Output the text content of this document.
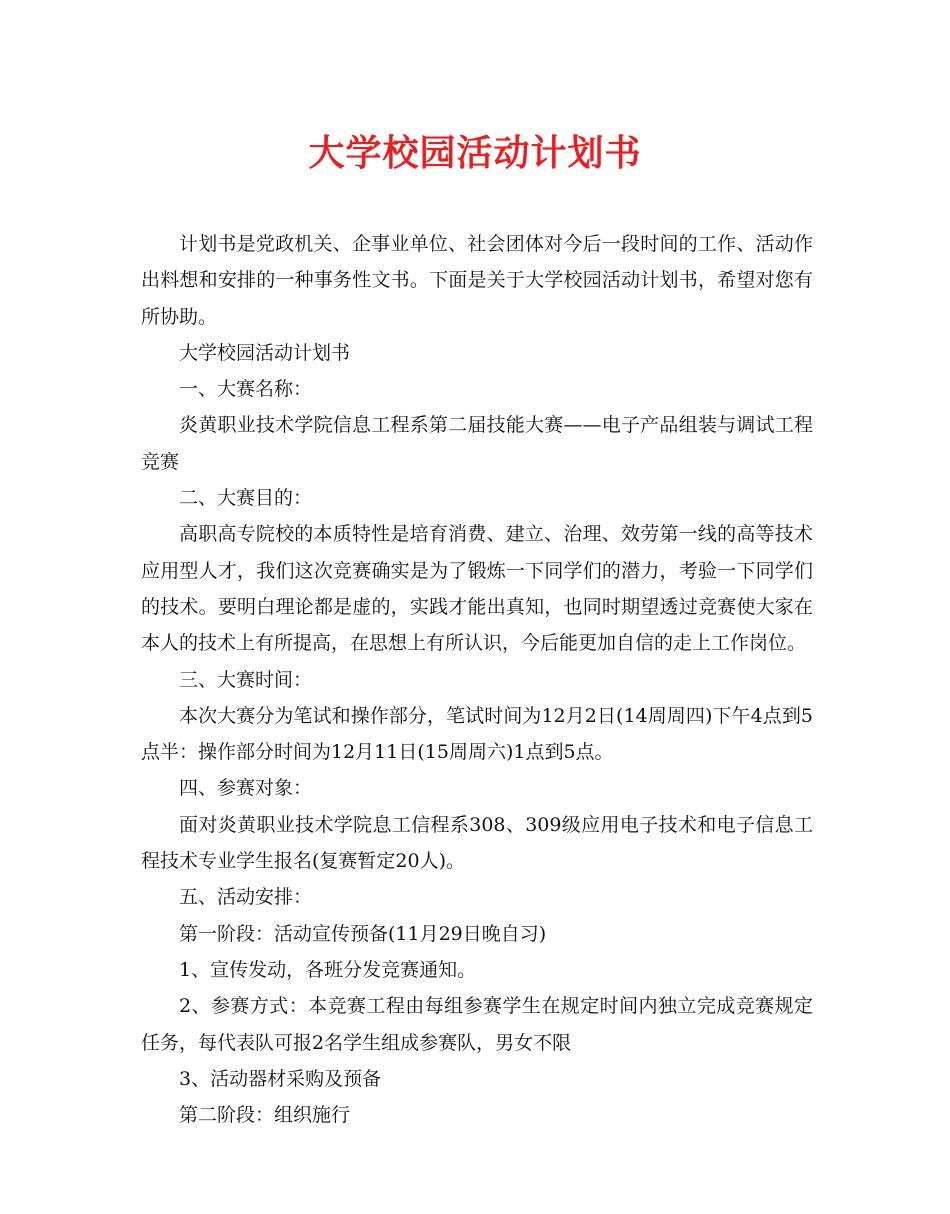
大学校园活动计划书

计划书是党政机关、企事业单位、社会团体对今后一段时间的工作、活动作出料想和安排的一种事务性文书。下面是关于大学校园活动计划书，希望对您有所协助。

大学校园活动计划书

一、大赛名称：

炎黄职业技术学院信息工程系第二届技能大赛——电子产品组装与调试工程竞赛

二、大赛目的：

高职高专院校的本质特性是培育消费、建立、治理、效劳第一线的高等技术应用型人才，我们这次竞赛确实是为了锻炼一下同学们的潜力，考验一下同学们的技术。要明白理论都是虚的，实践才能出真知，也同时期望透过竞赛使大家在本人的技术上有所提高，在思想上有所认识，今后能更加自信的走上工作岗位。

三、大赛时间：

本次大赛分为笔试和操作部分，笔试时间为12月2日(14周周四)下午4点到5点半：操作部分时间为12月11日(15周周六)1点到5点。

四、参赛对象：

面对炎黄职业技术学院息工信程系308、309级应用电子技术和电子信息工程技术专业学生报名(复赛暂定20人)。

五、活动安排：

第一阶段：活动宣传预备(11月29日晚自习)

1、宣传发动，各班分发竞赛通知。

2、参赛方式：本竞赛工程由每组参赛学生在规定时间内独立完成竞赛规定任务，每代表队可报2名学生组成参赛队，男女不限

3、活动器材采购及预备

第二阶段：组织施行
